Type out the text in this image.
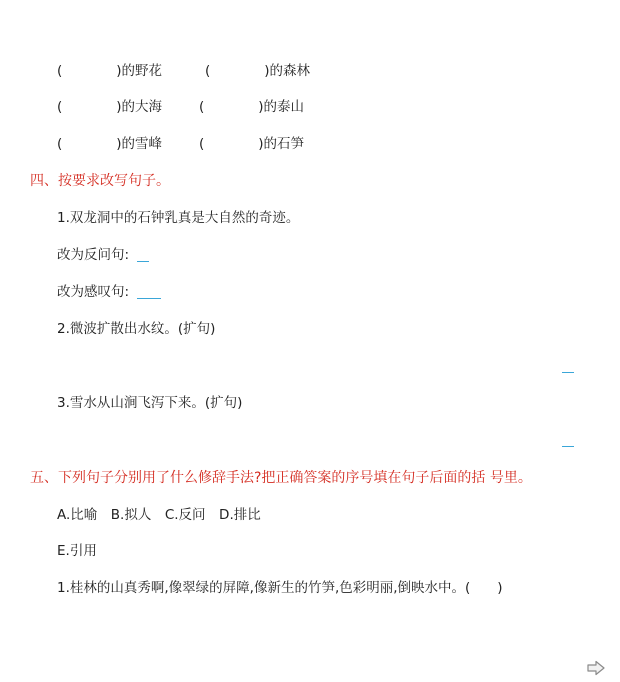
(　　　　)的野花	(　　　　)的森林
(　　　　)的大海	(　　　　)的泰山
(　　　　)的雪峰	(　　　　)的石笋
四、按要求改写句子。
1.双龙洞中的石钟乳真是大自然的奇迹。
改为反问句:
改为感叹句:
2.微波扩散出水纹。(扩句)
3.雪水从山涧飞泻下来。(扩句)
五、下列句子分别用了什么修辞手法?把正确答案的序号填在句子后面的括 号里。
A.比喻　B.拟人　C.反问　D.排比
E.引用
1.桂林的山真秀啊,像翠绿的屏障,像新生的竹笋,色彩明丽,倒映水中。(　　)
